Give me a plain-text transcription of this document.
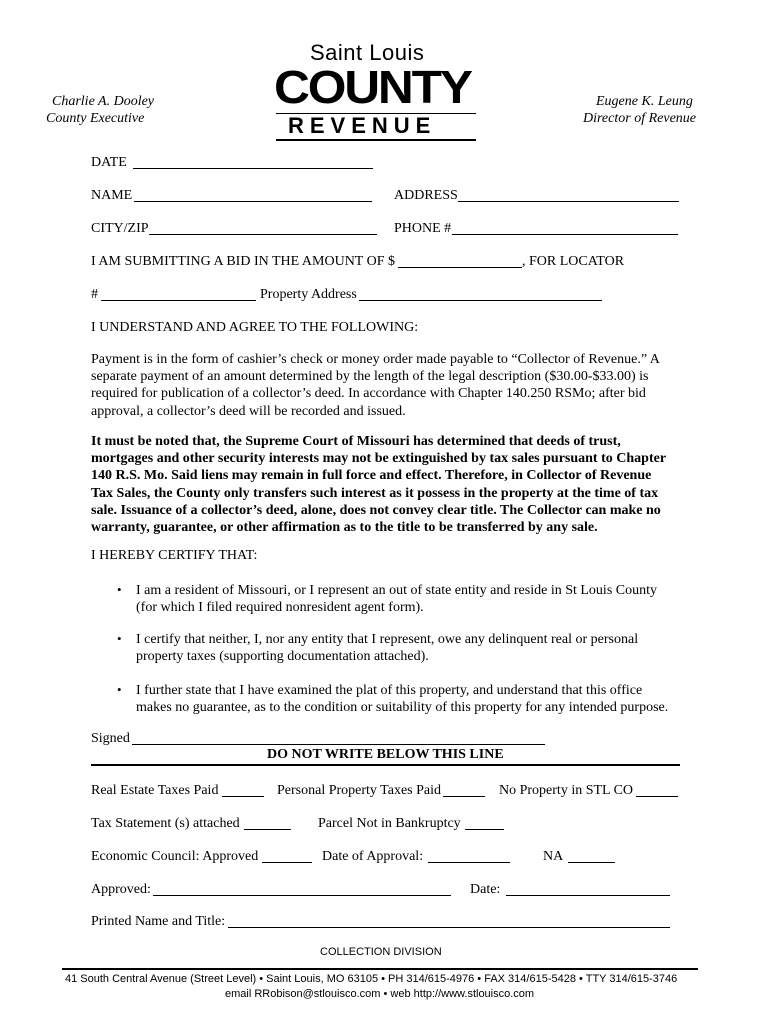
Charlie A. Dooley
County Executive
Eugene K. Leung
Director of Revenue
Saint Louis
COUNTY
REVENUE
DATE
NAME	ADDRESS
CITY/ZIP	PHONE #
I AM SUBMITTING A BID IN THE AMOUNT OF $	, FOR LOCATOR
#	Property Address
I UNDERSTAND AND AGREE TO THE FOLLOWING:
Payment is in the form of cashier’s check or money order made payable to “Collector of Revenue.” A separate payment of an amount determined by the length of the legal description ($30.00-$33.00) is required for publication of a collector’s deed. In accordance with Chapter 140.250 RSMo; after bid approval, a collector’s deed will be recorded and issued.
It must be noted that, the Supreme Court of Missouri has determined that deeds of trust, mortgages and other security interests may not be extinguished by tax sales pursuant to Chapter 140 R.S. Mo. Said liens may remain in full force and effect. Therefore, in Collector of Revenue Tax Sales, the County only transfers such interest as it possess in the property at the time of tax sale. Issuance of a collector’s deed, alone, does not convey clear title. The Collector can make no warranty, guarantee, or other affirmation as to the title to be transferred by any sale.
I HEREBY CERTIFY THAT:
• I am a resident of Missouri, or I represent an out of state entity and reside in St Louis County (for which I filed required nonresident agent form).
• I certify that neither, I, nor any entity that I represent, owe any delinquent real or personal property taxes (supporting documentation attached).
• I further state that I have examined the plat of this property, and understand that this office makes no guarantee, as to the condition or suitability of this property for any intended purpose.
Signed
DO NOT WRITE BELOW THIS LINE
Real Estate Taxes Paid	Personal Property Taxes Paid	No Property in STL CO
Tax Statement (s) attached	Parcel Not in Bankruptcy
Economic Council: Approved	Date of Approval:	NA
Approved:	Date:
Printed Name and Title:
COLLECTION DIVISION
41 South Central Avenue (Street Level) • Saint Louis, MO 63105 • PH 314/615-4976 • FAX 314/615-5428 • TTY 314/615-3746
email RRobison@stlouisco.com • web http://www.stlouisco.com
